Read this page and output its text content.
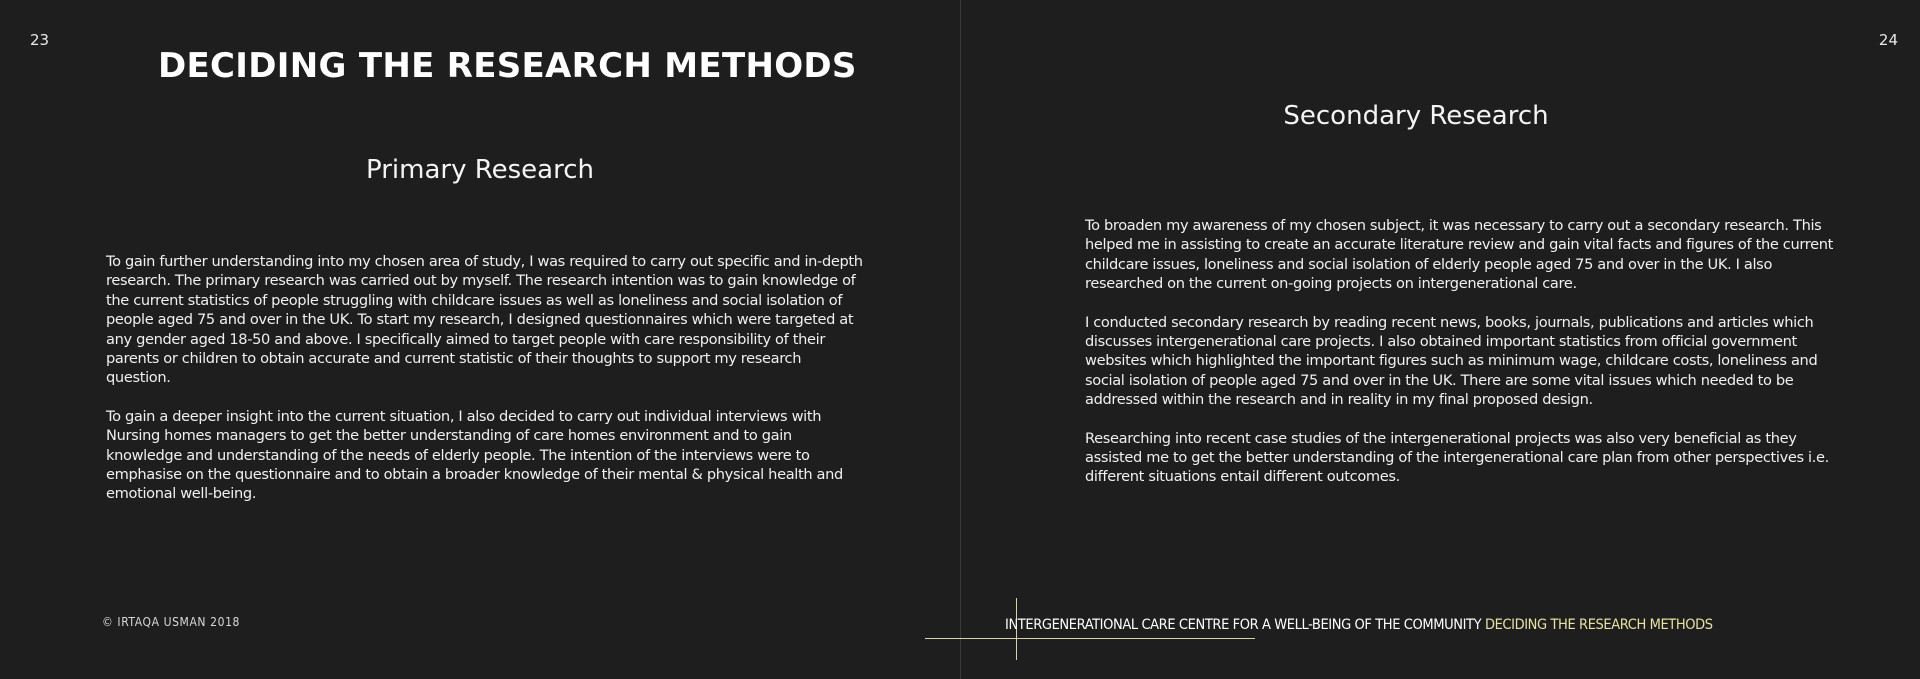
23
DECIDING THE RESEARCH METHODS
Primary Research

To gain further understanding into my chosen area of study, I was required to carry out specific and in-depth research. The primary research was carried out by myself. The research intention was to gain knowledge of the current statistics of people struggling with childcare issues as well as loneliness and social isolation of people aged 75 and over in the UK. To start my research, I designed questionnaires which were targeted at any gender aged 18-50 and above. I specifically aimed to target people with care responsibility of their parents or children to obtain accurate and current statistic of their thoughts to support my research question.

To gain a deeper insight into the current situation, I also decided to carry out individual interviews with Nursing homes managers to get the better understanding of care homes environment and to gain knowledge and understanding of the needs of elderly people. The intention of the interviews were to emphasise on the questionnaire and to obtain a broader knowledge of their mental & physical health and emotional well-being.

© IRTAQA USMAN 2018
24
Secondary Research

To broaden my awareness of my chosen subject, it was necessary to carry out a secondary research. This helped me in assisting to create an accurate literature review and gain vital facts and figures of the current childcare issues, loneliness and social isolation of elderly people aged 75 and over in the UK. I also researched on the current on-going projects on intergenerational care.

I conducted secondary research by reading recent news, books, journals, publications and articles which discusses intergenerational care projects. I also obtained important statistics from official government websites which highlighted the important figures such as minimum wage, childcare costs, loneliness and social isolation of people aged 75 and over in the UK. There are some vital issues which needed to be addressed within the research and in reality in my final proposed design.

Researching into recent case studies of the intergenerational projects was also very beneficial as they assisted me to get the better understanding of the intergenerational care plan from other perspectives i.e. different situations entail different outcomes.

INTERGENERATIONAL CARE CENTRE FOR A WELL-BEING OF THE COMMUNITY DECIDING THE RESEARCH METHODS
